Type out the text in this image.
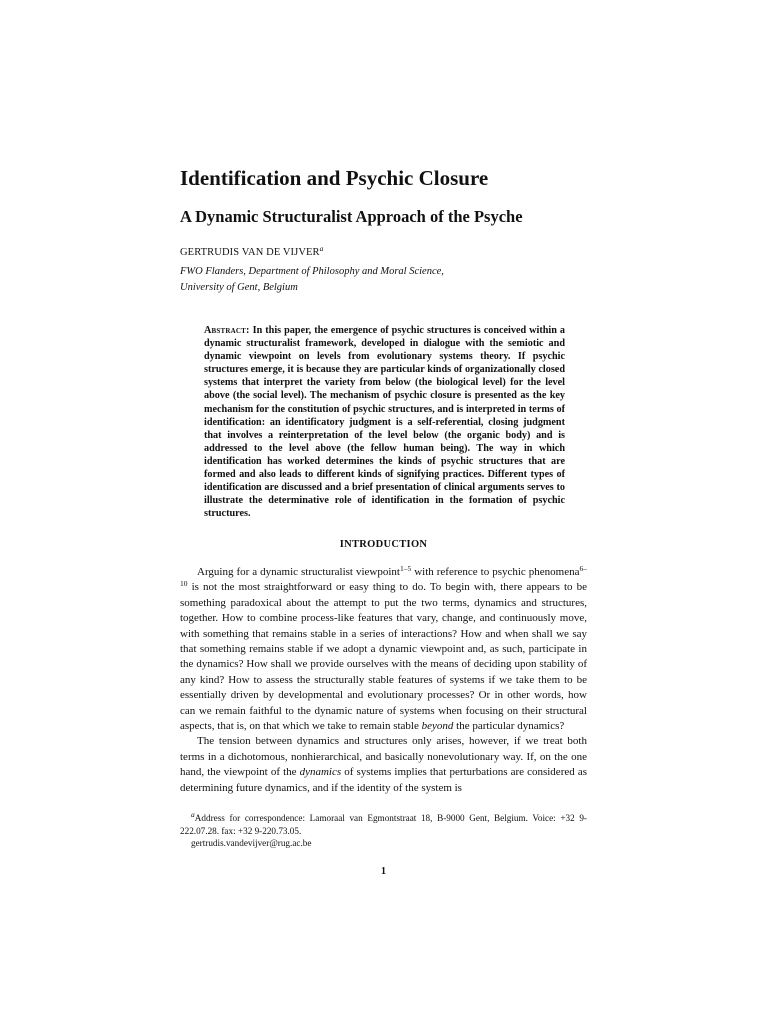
Identification and Psychic Closure
A Dynamic Structuralist Approach of the Psyche
GERTRUDIS VAN DE VIJVER$^a$
FWO Flanders, Department of Philosophy and Moral Science,
University of Gent, Belgium

Abstract: In this paper, the emergence of psychic structures is conceived within a dynamic structuralist framework, developed in dialogue with the semiotic and dynamic viewpoint on levels from evolutionary systems theory. If psychic structures emerge, it is because they are particular kinds of organizationally closed systems that interpret the variety from below (the biological level) for the level above (the social level). The mechanism of psychic closure is presented as the key mechanism for the constitution of psychic structures, and is interpreted in terms of identification: an identificatory judgment is a self-referential, closing judgment that involves a reinterpretation of the level below (the organic body) and is addressed to the level above (the fellow human being). The way in which identification has worked determines the kinds of psychic structures that are formed and also leads to different kinds of signifying practices. Different types of identification are discussed and a brief presentation of clinical arguments serves to illustrate the determinative role of identification in the formation of psychic structures.

INTRODUCTION

Arguing for a dynamic structuralist viewpoint$^{1-5}$ with reference to psychic phenomena$^{6-10}$ is not the most straightforward or easy thing to do. To begin with, there appears to be something paradoxical about the attempt to put the two terms, dynamics and structures, together. How to combine process-like features that vary, change, and continuously move, with something that remains stable in a series of interactions? How and when shall we say that something remains stable if we adopt a dynamic viewpoint and, as such, participate in the dynamics? How shall we provide ourselves with the means of deciding upon stability of any kind? How to assess the structurally stable features of systems if we take them to be essentially driven by developmental and evolutionary processes? Or in other words, how can we remain faithful to the dynamic nature of systems when focusing on their structural aspects, that is, on that which we take to remain stable beyond the particular dynamics?

The tension between dynamics and structures only arises, however, if we treat both terms in a dichotomous, nonhierarchical, and basically nonevolutionary way. If, on the one hand, the viewpoint of the dynamics of systems implies that perturbations are considered as determining future dynamics, and if the identity of the system is

$^a$Address for correspondence: Lamoraal van Egmontstraat 18, B-9000 Gent, Belgium. Voice: +32 9-222.07.28. fax: +32 9-220.73.05.

gertrudis.vandevijver@rug.ac.be
1
